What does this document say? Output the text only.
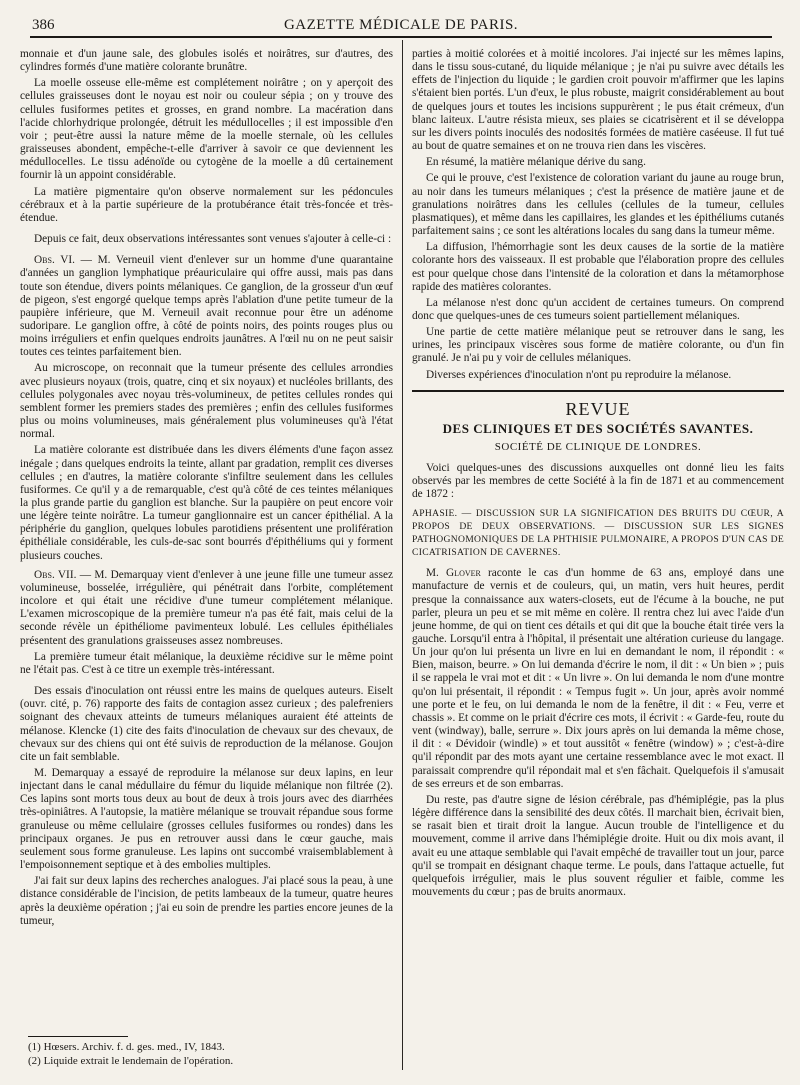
386	GAZETTE MÉDICALE DE PARIS.

monnaie et d'un jaune sale, des globules isolés et noirâtres, sur d'autres, des cylindres formés d'une matière colorante brunâtre.

La moelle osseuse elle-même est complétement noirâtre ; on y aperçoit des cellules graisseuses dont le noyau est noir ou couleur sépia ; on y trouve des cellules fusiformes petites et grosses, en grand nombre. La macération dans l'acide chlorhydrique prolongée, détruit les médullocelles ; il est impossible d'en voir ; peut-être aussi la nature même de la moelle sternale, où les cellules graisseuses abondent, empêche-t-elle d'arriver à savoir ce que deviennent les médullocelles. Le tissu adénoïde ou cytogène de la moelle a dû certainement fournir là un appoint considérable.

La matière pigmentaire qu'on observe normalement sur les pédoncules cérébraux et à la partie supérieure de la protubérance était très-foncée et très-étendue.

Depuis ce fait, deux observations intéressantes sont venues s'ajouter à celle-ci :

Obs. VI. — M. Verneuil vient d'enlever sur un homme d'une quarantaine d'années un ganglion lymphatique préauriculaire qui offre aussi, mais pas dans toute son étendue, divers points mélaniques. Ce ganglion, de la grosseur d'un œuf de pigeon, s'est engorgé quelque temps après l'ablation d'une petite tumeur de la paupière inférieure, que M. Verneuil avait reconnue pour être un adénome sudoripare. Le ganglion offre, à côté de points noirs, des points rouges plus ou moins irréguliers et enfin quelques endroits jaunâtres. A l'œil nu on ne peut saisir toutes ces teintes parfaitement bien.

Au microscope, on reconnait que la tumeur présente des cellules arrondies avec plusieurs noyaux (trois, quatre, cinq et six noyaux) et nucléoles brillants, des cellules polygonales avec noyau très-volumineux, de petites cellules rondes qui semblent former les premiers stades des premières ; enfin des cellules fusiformes plus ou moins volumineuses, mais généralement plus volumineuses qu'à l'état normal.

La matière colorante est distribuée dans les divers éléments d'une façon assez inégale ; dans quelques endroits la teinte, allant par gradation, remplit ces diverses cellules ; en d'autres, la matière colorante s'infiltre seulement dans les cellules fusiformes. Ce qu'il y a de remarquable, c'est qu'à côté de ces teintes mélaniques la plus grande partie du ganglion est blanche. Sur la paupière on peut encore voir une légère teinte noirâtre. La tumeur ganglionnaire est un cancer épithélial. A la périphérie du ganglion, quelques lobules parotidiens présentent une prolifération épithéliale considérable, les culs-de-sac sont bourrés d'épithéliums qui y forment plusieurs couches.

Obs. VII. — M. Demarquay vient d'enlever à une jeune fille une tumeur assez volumineuse, bosselée, irrégulière, qui pénétrait dans l'orbite, complétement incolore et qui était une récidive d'une tumeur complétement mélanique. L'examen microscopique de la première tumeur n'a pas été fait, mais celui de la seconde révèle un épithéliome pavimenteux lobulé. Les cellules épithéliales présentent des granulations graisseuses assez nombreuses.

La première tumeur était mélanique, la deuxième récidive sur le même point ne l'était pas. C'est à ce titre un exemple très-intéressant.

Des essais d'inoculation ont réussi entre les mains de quelques auteurs. Eiselt (ouvr. cité, p. 76) rapporte des faits de contagion assez curieux ; des palefreniers soignant des chevaux atteints de tumeurs mélaniques auraient été atteints de mélanose. Klencke (1) cite des faits d'inoculation de chevaux sur des chevaux, de chevaux sur des chiens qui ont été suivis de reproduction de la mélanose. Goujon cite un fait semblable.

M. Demarquay a essayé de reproduire la mélanose sur deux lapins, en leur injectant dans le canal médullaire du fémur du liquide mélanique non filtrée (2). Ces lapins sont morts tous deux au bout de deux à trois jours avec des diarrhées très-opiniâtres. A l'autopsie, la matière mélanique se trouvait répandue sous forme granuleuse ou même cellulaire (grosses cellules fusiformes ou rondes) dans les principaux organes. Je pus en retrouver aussi dans le cœur gauche, mais seulement sous forme granuleuse. Les lapins ont succombé vraisemblablement à l'empoisonnement septique et à des embolies multiples.

J'ai fait sur deux lapins des recherches analogues. J'ai placé sous la peau, à une distance considérable de l'incision, de petits lambeaux de la tumeur, quatre heures après la deuxième opération ; j'ai eu soin de prendre les parties encore jeunes de la tumeur,

(1) Hœsers. Archiv. f. d. ges. med., IV, 1843.
(2) Liquide extrait le lendemain de l'opération.

parties à moitié colorées et à moitié incolores. J'ai injecté sur les mêmes lapins, dans le tissu sous-cutané, du liquide mélanique ; je n'ai pu suivre avec détails les effets de l'injection du liquide ; le gardien croit pouvoir m'affirmer que les lapins s'étaient bien portés. L'un d'eux, le plus robuste, maigrit considérablement au bout de quelques jours et toutes les incisions suppurèrent ; le pus était crémeux, d'un blanc laiteux. L'autre résista mieux, ses plaies se cicatrisèrent et il se développa sur les divers points inoculés des nodosités formées de matière caséeuse. Il fut tué au bout de quatre semaines et on ne trouva rien dans les viscères.

En résumé, la matière mélanique dérive du sang.

Ce qui le prouve, c'est l'existence de coloration variant du jaune au rouge brun, au noir dans les tumeurs mélaniques ; c'est la présence de matière jaune et de granulations noirâtres dans les cellules (cellules de la tumeur, cellules plasmatiques), et même dans les capillaires, les glandes et les épithéliums cutanés parfaitement sains ; ce sont les altérations locales du sang dans la tumeur même.

La diffusion, l'hémorrhagie sont les deux causes de la sortie de la matière colorante hors des vaisseaux. Il est probable que l'élaboration propre des cellules est pour quelque chose dans l'intensité de la coloration et dans la métamorphose rapide des matières colorantes.

La mélanose n'est donc qu'un accident de certaines tumeurs. On comprend donc que quelques-unes de ces tumeurs soient partiellement mélaniques.

Une partie de cette matière mélanique peut se retrouver dans le sang, les urines, les principaux viscères sous forme de matière colorante, ou d'un fin granulé. Je n'ai pu y voir de cellules mélaniques.

Diverses expériences d'inoculation n'ont pu reproduire la mélanose.

REVUE
DES CLINIQUES ET DES SOCIÉTÉS SAVANTES.
SOCIÉTÉ DE CLINIQUE DE LONDRES.

Voici quelques-unes des discussions auxquelles ont donné lieu les faits observés par les membres de cette Société à la fin de 1871 et au commencement de 1872 :

APHASIE. — DISCUSSION SUR LA SIGNIFICATION DES BRUITS DU CŒUR, A PROPOS DE DEUX OBSERVATIONS. — DISCUSSION SUR LES SIGNES PATHOGNOMONIQUES DE LA PHTHISIE PULMONAIRE, A PROPOS D'UN CAS DE CICATRISATION DE CAVERNES.

M. Glover raconte le cas d'un homme de 63 ans, employé dans une manufacture de vernis et de couleurs, qui, un matin, vers huit heures, perdit presque la connaissance aux waters-closets, eut de l'écume à la bouche, ne put parler, pleura un peu et se mit même en colère. Il rentra chez lui avec l'aide d'un jeune homme, de qui on tient ces détails et qui dit que la bouche était tirée vers la gauche. Lorsqu'il entra à l'hôpital, il présentait une altération curieuse du langage. Un jour qu'on lui présenta un livre en lui en demandant le nom, il répondit : « Bien, maison, beurre. » On lui demanda d'écrire le nom, il dit : « Un bien » ; puis il se rappela le vrai mot et dit : « Un livre ». On lui demanda le nom d'une montre qu'on lui présentait, il répondit : « Tempus fugit ». Un jour, après avoir nommé une porte et le feu, on lui demanda le nom de la fenêtre, il dit : « Feu, verre et chassis ». Et comme on le priait d'écrire ces mots, il écrivit : « Garde-feu, route du vent (windway), balle, serrure ». Dix jours après on lui demanda la même chose, il dit : « Dévidoir (windle) » et tout aussitôt « fenêtre (window) » ; c'est-à-dire qu'il répondit par des mots ayant une certaine ressemblance avec le mot exact. Il paraissait comprendre qu'il répondait mal et s'en fâchait. Quelquefois il s'amusait de ses erreurs et de son embarras.

Du reste, pas d'autre signe de lésion cérébrale, pas d'hémiplégie, pas la plus légère différence dans la sensibilité des deux côtés. Il marchait bien, écrivait bien, se rasait bien et tirait droit la langue. Aucun trouble de l'intelligence et du mouvement, comme il arrive dans l'hémiplégie droite. Huit ou dix mois avant, il avait eu une attaque semblable qui l'avait empêché de travailler tout un jour, parce qu'il se trompait en désignant chaque terme. Le pouls, dans l'attaque actuelle, fut quelquefois irrégulier, mais le plus souvent régulier et faible, comme les mouvements du cœur ; pas de bruits anormaux.
